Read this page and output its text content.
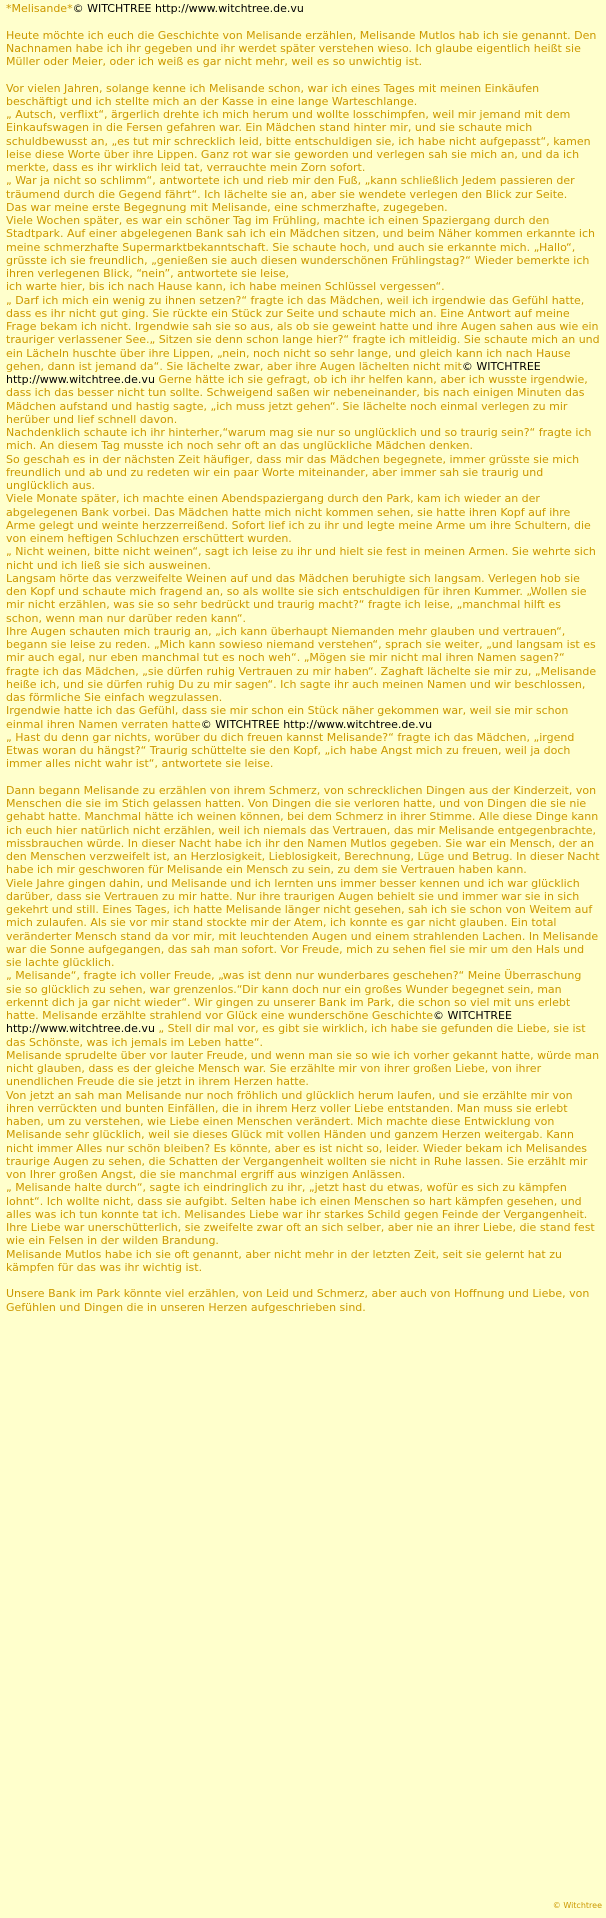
*Melisande*© WITCHTREE http://www.witchtree.de.vu
Heute möchte ich euch die Geschichte von Melisande erzählen, Melisande Mutlos hab ich sie genannt. Den Nachnamen habe ich ihr gegeben und ihr werdet später verstehen wieso. Ich glaube eigentlich heißt sie Müller oder Meier, oder ich weiß es gar nicht mehr, weil es so unwichtig ist.
Vor vielen Jahren, solange kenne ich Melisande schon, war ich eines Tages mit meinen Einkäufen beschäftigt und ich stellte mich an der Kasse in eine lange Warteschlange.
„ Autsch, verflixt“, ärgerlich drehte ich mich herum und wollte losschimpfen, weil mir jemand mit dem Einkaufswagen in die Fersen gefahren war. Ein Mädchen stand hinter mir, und sie schaute mich schuldbewusst an, „es tut mir schrecklich leid, bitte entschuldigen sie, ich habe nicht aufgepasst“, kamen leise diese Worte über ihre Lippen. Ganz rot war sie geworden und verlegen sah sie mich an, und da ich merkte, dass es ihr wirklich leid tat, verrauchte mein Zorn sofort.
„ War ja nicht so schlimm“, antwortete ich und rieb mir den Fuß, „kann schließlich Jedem passieren der träumend durch die Gegend fährt“. Ich lächelte sie an, aber sie wendete verlegen den Blick zur Seite.
Das war meine erste Begegnung mit Melisande, eine schmerzhafte, zugegeben.
Viele Wochen später, es war ein schöner Tag im Frühling, machte ich einen Spaziergang durch den Stadtpark. Auf einer abgelegenen Bank sah ich ein Mädchen sitzen, und beim Näher kommen erkannte ich meine schmerzhafte Supermarktbekanntschaft. Sie schaute hoch, und auch sie erkannte mich. „Hallo“, grüsste ich sie freundlich, „genießen sie auch diesen wunderschönen Frühlingstag?“ Wieder bemerkte ich ihren verlegenen Blick, “nein”, antwortete sie leise,
ich warte hier, bis ich nach Hause kann, ich habe meinen Schlüssel vergessen“.
„ Darf ich mich ein wenig zu ihnen setzen?“ fragte ich das Mädchen, weil ich irgendwie das Gefühl hatte, dass es ihr nicht gut ging. Sie rückte ein Stück zur Seite und schaute mich an. Eine Antwort auf meine Frage bekam ich nicht. Irgendwie sah sie so aus, als ob sie geweint hatte und ihre Augen sahen aus wie ein trauriger verlassener See.„ Sitzen sie denn schon lange hier?“ fragte ich mitleidig. Sie schaute mich an und ein Lächeln huschte über ihre Lippen, „nein, noch nicht so sehr lange, und gleich kann ich nach Hause gehen, dann ist jemand da“. Sie lächelte zwar, aber ihre Augen lächelten nicht mit© WITCHTREE http://www.witchtree.de.vu Gerne hätte ich sie gefragt, ob ich ihr helfen kann, aber ich wusste irgendwie, dass ich das besser nicht tun sollte. Schweigend saßen wir nebeneinander, bis nach einigen Minuten das Mädchen aufstand und hastig sagte, „ich muss jetzt gehen“. Sie lächelte noch einmal verlegen zu mir herüber und lief schnell davon.
Nachdenklich schaute ich ihr hinterher,“warum mag sie nur so unglücklich und so traurig sein?“ fragte ich mich. An diesem Tag musste ich noch sehr oft an das unglückliche Mädchen denken.
So geschah es in der nächsten Zeit häufiger, dass mir das Mädchen begegnete, immer grüsste sie mich freundlich und ab und zu redeten wir ein paar Worte miteinander, aber immer sah sie traurig und unglücklich aus.
Viele Monate später, ich machte einen Abendspaziergang durch den Park, kam ich wieder an der abgelegenen Bank vorbei. Das Mädchen hatte mich nicht kommen sehen, sie hatte ihren Kopf auf ihre Arme gelegt und weinte herzzerreißend. Sofort lief ich zu ihr und legte meine Arme um ihre Schultern, die von einem heftigen Schluchzen erschüttert wurden.
„ Nicht weinen, bitte nicht weinen“, sagt ich leise zu ihr und hielt sie fest in meinen Armen. Sie wehrte sich nicht und ich ließ sie sich ausweinen.
Langsam hörte das verzweifelte Weinen auf und das Mädchen beruhigte sich langsam. Verlegen hob sie den Kopf und schaute mich fragend an, so als wollte sie sich entschuldigen für ihren Kummer. „Wollen sie mir nicht erzählen, was sie so sehr bedrückt und traurig macht?“ fragte ich leise, „manchmal hilft es schon, wenn man nur darüber reden kann“.
Ihre Augen schauten mich traurig an, „ich kann überhaupt Niemanden mehr glauben und vertrauen“, begann sie leise zu reden. „Mich kann sowieso niemand verstehen“, sprach sie weiter, „und langsam ist es mir auch egal, nur eben manchmal tut es noch weh“. „Mögen sie mir nicht mal ihren Namen sagen?“ fragte ich das Mädchen, „sie dürfen ruhig Vertrauen zu mir haben“. Zaghaft lächelte sie mir zu, „Melisande heiße ich, und sie dürfen ruhig Du zu mir sagen“. Ich sagte ihr auch meinen Namen und wir beschlossen, das förmliche Sie einfach wegzulassen.
Irgendwie hatte ich das Gefühl, dass sie mir schon ein Stück näher gekommen war, weil sie mir schon einmal ihren Namen verraten hatte© WITCHTREE http://www.witchtree.de.vu
„ Hast du denn gar nichts, worüber du dich freuen kannst Melisande?“ fragte ich das Mädchen, „irgend Etwas woran du hängst?“ Traurig schüttelte sie den Kopf, „ich habe Angst mich zu freuen, weil ja doch immer alles nicht wahr ist“, antwortete sie leise.
Dann begann Melisande zu erzählen von ihrem Schmerz, von schrecklichen Dingen aus der Kinderzeit, von Menschen die sie im Stich gelassen hatten. Von Dingen die sie verloren hatte, und von Dingen die sie nie gehabt hatte. Manchmal hätte ich weinen können, bei dem Schmerz in ihrer Stimme. Alle diese Dinge kann ich euch hier natürlich nicht erzählen, weil ich niemals das Vertrauen, das mir Melisande entgegenbrachte, missbrauchen würde. In dieser Nacht habe ich ihr den Namen Mutlos gegeben. Sie war ein Mensch, der an den Menschen verzweifelt ist, an Herzlosigkeit, Lieblosigkeit, Berechnung, Lüge und Betrug. In dieser Nacht habe ich mir geschworen für Melisande ein Mensch zu sein, zu dem sie Vertrauen haben kann.
Viele Jahre gingen dahin, und Melisande und ich lernten uns immer besser kennen und ich war glücklich darüber, dass sie Vertrauen zu mir hatte. Nur ihre traurigen Augen behielt sie und immer war sie in sich gekehrt und still. Eines Tages, ich hatte Melisande länger nicht gesehen, sah ich sie schon von Weitem auf mich zulaufen. Als sie vor mir stand stockte mir der Atem, ich konnte es gar nicht glauben. Ein total veränderter Mensch stand da vor mir, mit leuchtenden Augen und einem strahlenden Lachen. In Melisande war die Sonne aufgegangen, das sah man sofort. Vor Freude, mich zu sehen fiel sie mir um den Hals und sie lachte glücklich.
„ Melisande“, fragte ich voller Freude, „was ist denn nur wunderbares geschehen?“ Meine Überraschung sie so glücklich zu sehen, war grenzenlos.“Dir kann doch nur ein großes Wunder begegnet sein, man erkennt dich ja gar nicht wieder“. Wir gingen zu unserer Bank im Park, die schon so viel mit uns erlebt hatte. Melisande erzählte strahlend vor Glück eine wunderschöne Geschichte© WITCHTREE http://www.witchtree.de.vu „ Stell dir mal vor, es gibt sie wirklich, ich habe sie gefunden die Liebe, sie ist das Schönste, was ich jemals im Leben hatte“.
Melisande sprudelte über vor lauter Freude, und wenn man sie so wie ich vorher gekannt hatte, würde man nicht glauben, dass es der gleiche Mensch war. Sie erzählte mir von ihrer großen Liebe, von ihrer unendlichen Freude die sie jetzt in ihrem Herzen hatte.
Von jetzt an sah man Melisande nur noch fröhlich und glücklich herum laufen, und sie erzählte mir von ihren verrückten und bunten Einfällen, die in ihrem Herz voller Liebe entstanden. Man muss sie erlebt haben, um zu verstehen, wie Liebe einen Menschen verändert. Mich machte diese Entwicklung von Melisande sehr glücklich, weil sie dieses Glück mit vollen Händen und ganzem Herzen weitergab. Kann nicht immer Alles nur schön bleiben? Es könnte, aber es ist nicht so, leider. Wieder bekam ich Melisandes traurige Augen zu sehen, die Schatten der Vergangenheit wollten sie nicht in Ruhe lassen. Sie erzählt mir von Ihrer großen Angst, die sie manchmal ergriff aus winzigen Anlässen.
„ Melisande halte durch“, sagte ich eindringlich zu ihr, „jetzt hast du etwas, wofür es sich zu kämpfen lohnt“. Ich wollte nicht, dass sie aufgibt. Selten habe ich einen Menschen so hart kämpfen gesehen, und alles was ich tun konnte tat ich. Melisandes Liebe war ihr starkes Schild gegen Feinde der Vergangenheit. Ihre Liebe war unerschütterlich, sie zweifelte zwar oft an sich selber, aber nie an ihrer Liebe, die stand fest wie ein Felsen in der wilden Brandung.
Melisande Mutlos habe ich sie oft genannt, aber nicht mehr in der letzten Zeit, seit sie gelernt hat zu kämpfen für das was ihr wichtig ist.
Unsere Bank im Park könnte viel erzählen, von Leid und Schmerz, aber auch von Hoffnung und Liebe, von Gefühlen und Dingen die in unseren Herzen aufgeschrieben sind.
© Witchtree
